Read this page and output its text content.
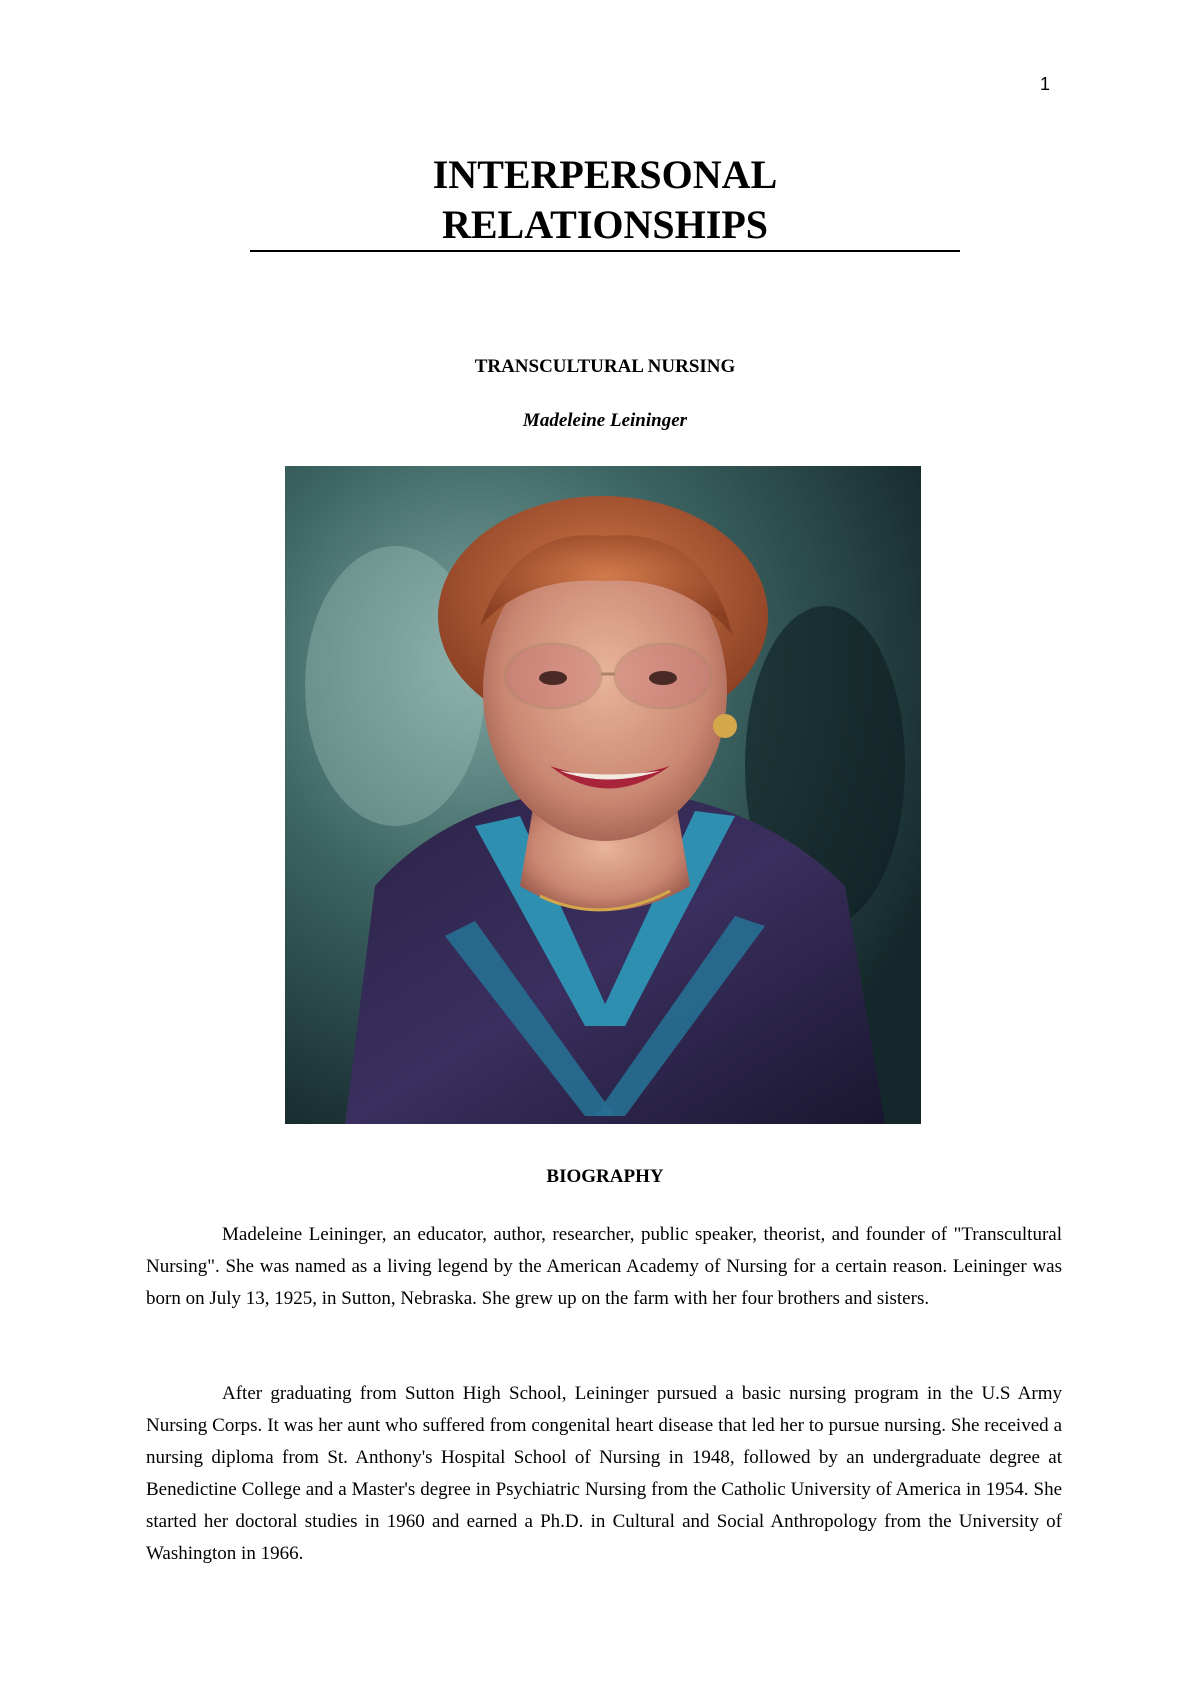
1
INTERPERSONAL
RELATIONSHIPS
TRANSCULTURAL NURSING
Madeleine Leininger
BIOGRAPHY

Madeleine Leininger, an educator, author, researcher, public speaker, theorist, and founder of "Transcultural Nursing". She was named as a living legend by the American Academy of Nursing for a certain reason. Leininger was born on July 13, 1925, in Sutton, Nebraska. She grew up on the farm with her four brothers and sisters.

After graduating from Sutton High School, Leininger pursued a basic nursing program in the U.S Army Nursing Corps. It was her aunt who suffered from congenital heart disease that led her to pursue nursing. She received a nursing diploma from St. Anthony's Hospital School of Nursing in 1948, followed by an undergraduate degree at Benedictine College and a Master's degree in Psychiatric Nursing from the Catholic University of America in 1954. She started her doctoral studies in 1960 and earned a Ph.D. in Cultural and Social Anthropology from the University of Washington in 1966.
